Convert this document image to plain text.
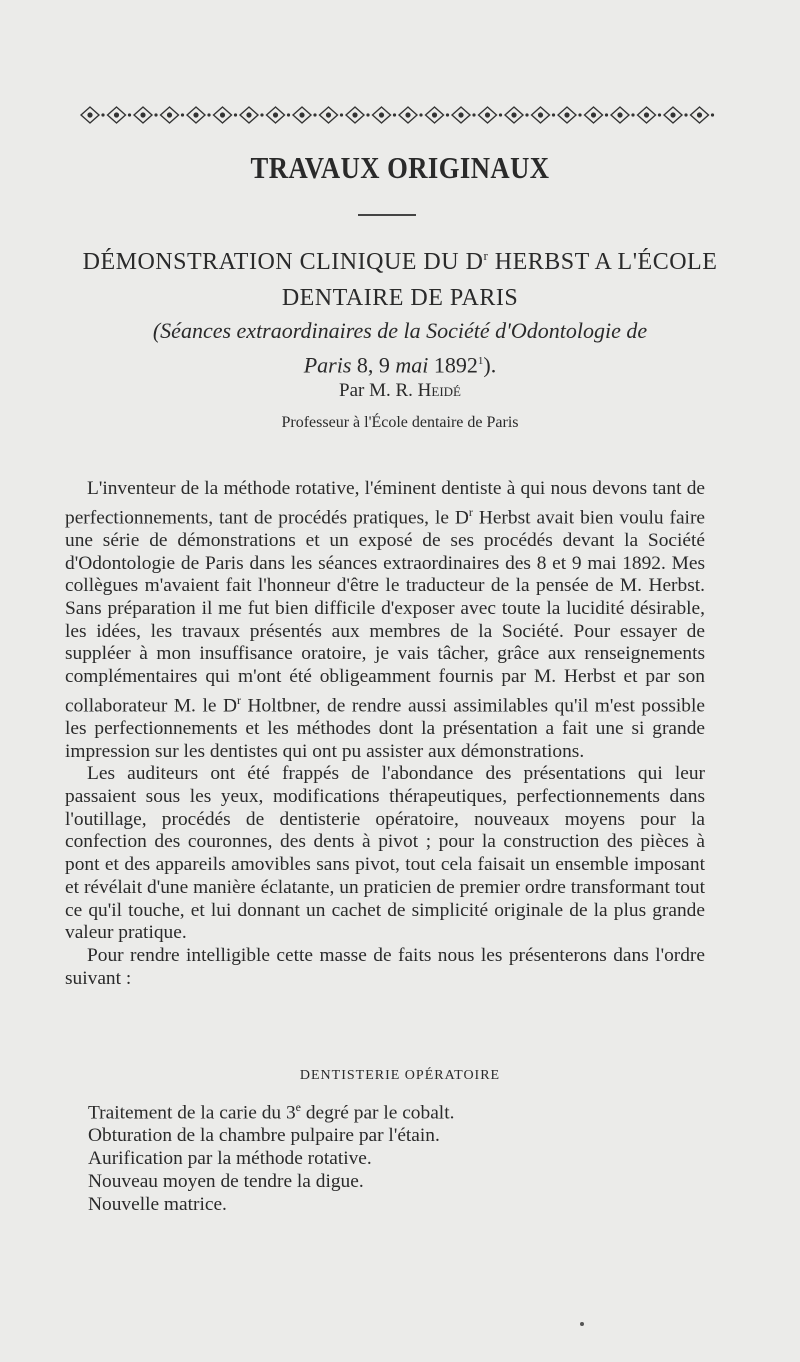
TRAVAUX ORIGINAUX
DÉMONSTRATION CLINIQUE DU $D^r$ HERBST A L'ÉCOLE
DENTAIRE DE PARIS
(Séances extraordinaires de la Société d'Odontologie de
Paris 8, 9 mai 1892$^1$).
Par M. R. Heidé
Professeur à l'École dentaire de Paris

L'inventeur de la méthode rotative, l'éminent dentiste à qui nous devons tant de perfectionnements, tant de procédés pratiques, le $D^r$ Herbst avait bien voulu faire une série de démonstrations et un exposé de ses procédés devant la Société d'Odontologie de Paris dans les séances extraordinaires des 8 et 9 mai 1892. Mes collègues m'avaient fait l'honneur d'être le traducteur de la pensée de M. Herbst. Sans préparation il me fut bien difficile d'exposer avec toute la lucidité désirable, les idées, les travaux présentés aux membres de la Société. Pour essayer de suppléer à mon insuffisance oratoire, je vais tâcher, grâce aux renseignements complémentaires qui m'ont été obligeamment fournis par M. Herbst et par son collaborateur M. le $D^r$ Holtbner, de rendre aussi assimilables qu'il m'est possible les perfectionnements et les méthodes dont la présentation a fait une si grande impression sur les dentistes qui ont pu assister aux démonstrations.

Les auditeurs ont été frappés de l'abondance des présentations qui leur passaient sous les yeux, modifications thérapeutiques, perfectionnements dans l'outillage, procédés de dentisterie opératoire, nouveaux moyens pour la confection des couronnes, des dents à pivot ; pour la construction des pièces à pont et des appareils amovibles sans pivot, tout cela faisait un ensemble imposant et révélait d'une manière éclatante, un praticien de premier ordre transformant tout ce qu'il touche, et lui donnant un cachet de simplicité originale de la plus grande valeur pratique.

Pour rendre intelligible cette masse de faits nous les présenterons dans l'ordre suivant :

DENTISTERIE OPÉRATOIRE
Traitement de la carie du 3e degré par le cobalt.
Obturation de la chambre pulpaire par l'étain.
Aurification par la méthode rotative.
Nouveau moyen de tendre la digue.
Nouvelle matrice.
